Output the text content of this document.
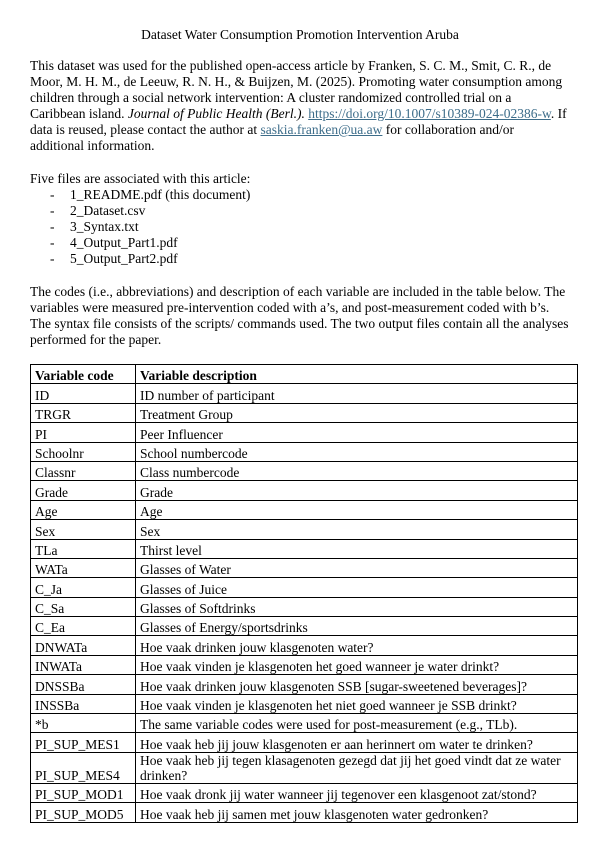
Dataset Water Consumption Promotion Intervention Aruba
This dataset was used for the published open-access article by Franken, S. C. M., Smit, C. R., de Moor, M. H. M., de Leeuw, R. N. H., & Buijzen, M. (2025). Promoting water consumption among children through a social network intervention: A cluster randomized controlled trial on a Caribbean island. Journal of Public Health (Berl.). https://doi.org/10.1007/s10389-024-02386-w. If data is reused, please contact the author at saskia.franken@ua.aw for collaboration and/or additional information.
Five files are associated with this article:
-	1_README.pdf (this document)
-	2_Dataset.csv
-	3_Syntax.txt
-	4_Output_Part1.pdf
-	5_Output_Part2.pdf
The codes (i.e., abbreviations) and description of each variable are included in the table below. The variables were measured pre-intervention coded with a’s, and post-measurement coded with b’s. The syntax file consists of the scripts/ commands used. The two output files contain all the analyses performed for the paper.
Variable code	Variable description
ID	ID number of participant
TRGR	Treatment Group
PI	Peer Influencer
Schoolnr	School numbercode
Classnr	Class numbercode
Grade	Grade
Age	Age
Sex	Sex
TLa	Thirst level
WATa	Glasses of Water
C_Ja	Glasses of Juice
C_Sa	Glasses of Softdrinks
C_Ea	Glasses of Energy/sportsdrinks
DNWATa	Hoe vaak drinken jouw klasgenoten water?
INWATa	Hoe vaak vinden je klasgenoten het goed wanneer je water drinkt?
DNSSBa	Hoe vaak drinken jouw klasgenoten SSB [sugar-sweetened beverages]?
INSSBa	Hoe vaak vinden je klasgenoten het niet goed wanneer je SSB drinkt?
*b	The same variable codes were used for post-measurement (e.g., TLb).
PI_SUP_MES1	Hoe vaak heb jij jouw klasgenoten er aan herinnert om water te drinken?
PI_SUP_MES4	Hoe vaak heb jij tegen klasagenoten gezegd dat jij het goed vindt dat ze water drinken?
PI_SUP_MOD1	Hoe vaak dronk jij water wanneer jij tegenover een klasgenoot zat/stond?
PI_SUP_MOD5	Hoe vaak heb jij samen met jouw klasgenoten water gedronken?
